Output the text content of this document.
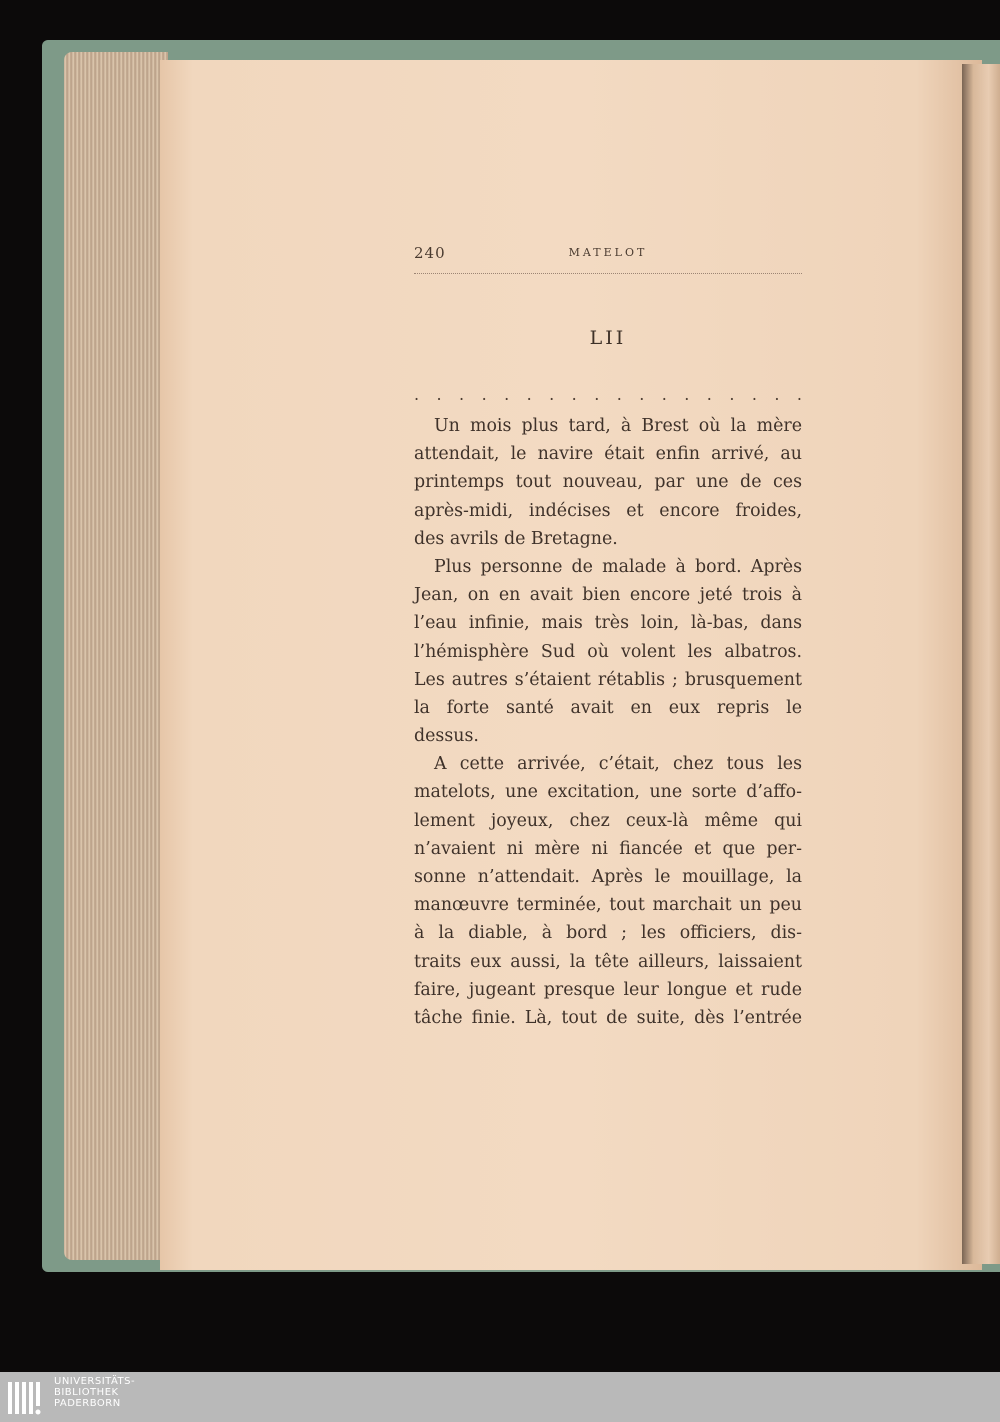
240	MATELOT
LII
. . . . . . . . . . . . . . . . . .
Un mois plus tard, à Brest où la mère
attendait, le navire était enfin arrivé, au
printemps tout nouveau, par une de ces
après-midi, indécises et encore froides,
des avrils de Bretagne.
Plus personne de malade à bord. Après
Jean, on en avait bien encore jeté trois à
l’eau infinie, mais très loin, là-bas, dans
l’hémisphère Sud où volent les albatros.
Les autres s’étaient rétablis ; brusquement
la forte santé avait en eux repris le
dessus.
A cette arrivée, c’était, chez tous les
matelots, une excitation, une sorte d’affo-
lement joyeux, chez ceux-là même qui
n’avaient ni mère ni fiancée et que per-
sonne n’attendait. Après le mouillage, la
manœuvre terminée, tout marchait un peu
à la diable, à bord ; les officiers, dis-
traits eux aussi, la tête ailleurs, laissaient
faire, jugeant presque leur longue et rude
tâche finie. Là, tout de suite, dès l’entrée
UNIVERSITÄTS-
BIBLIOTHEK
PADERBORN
